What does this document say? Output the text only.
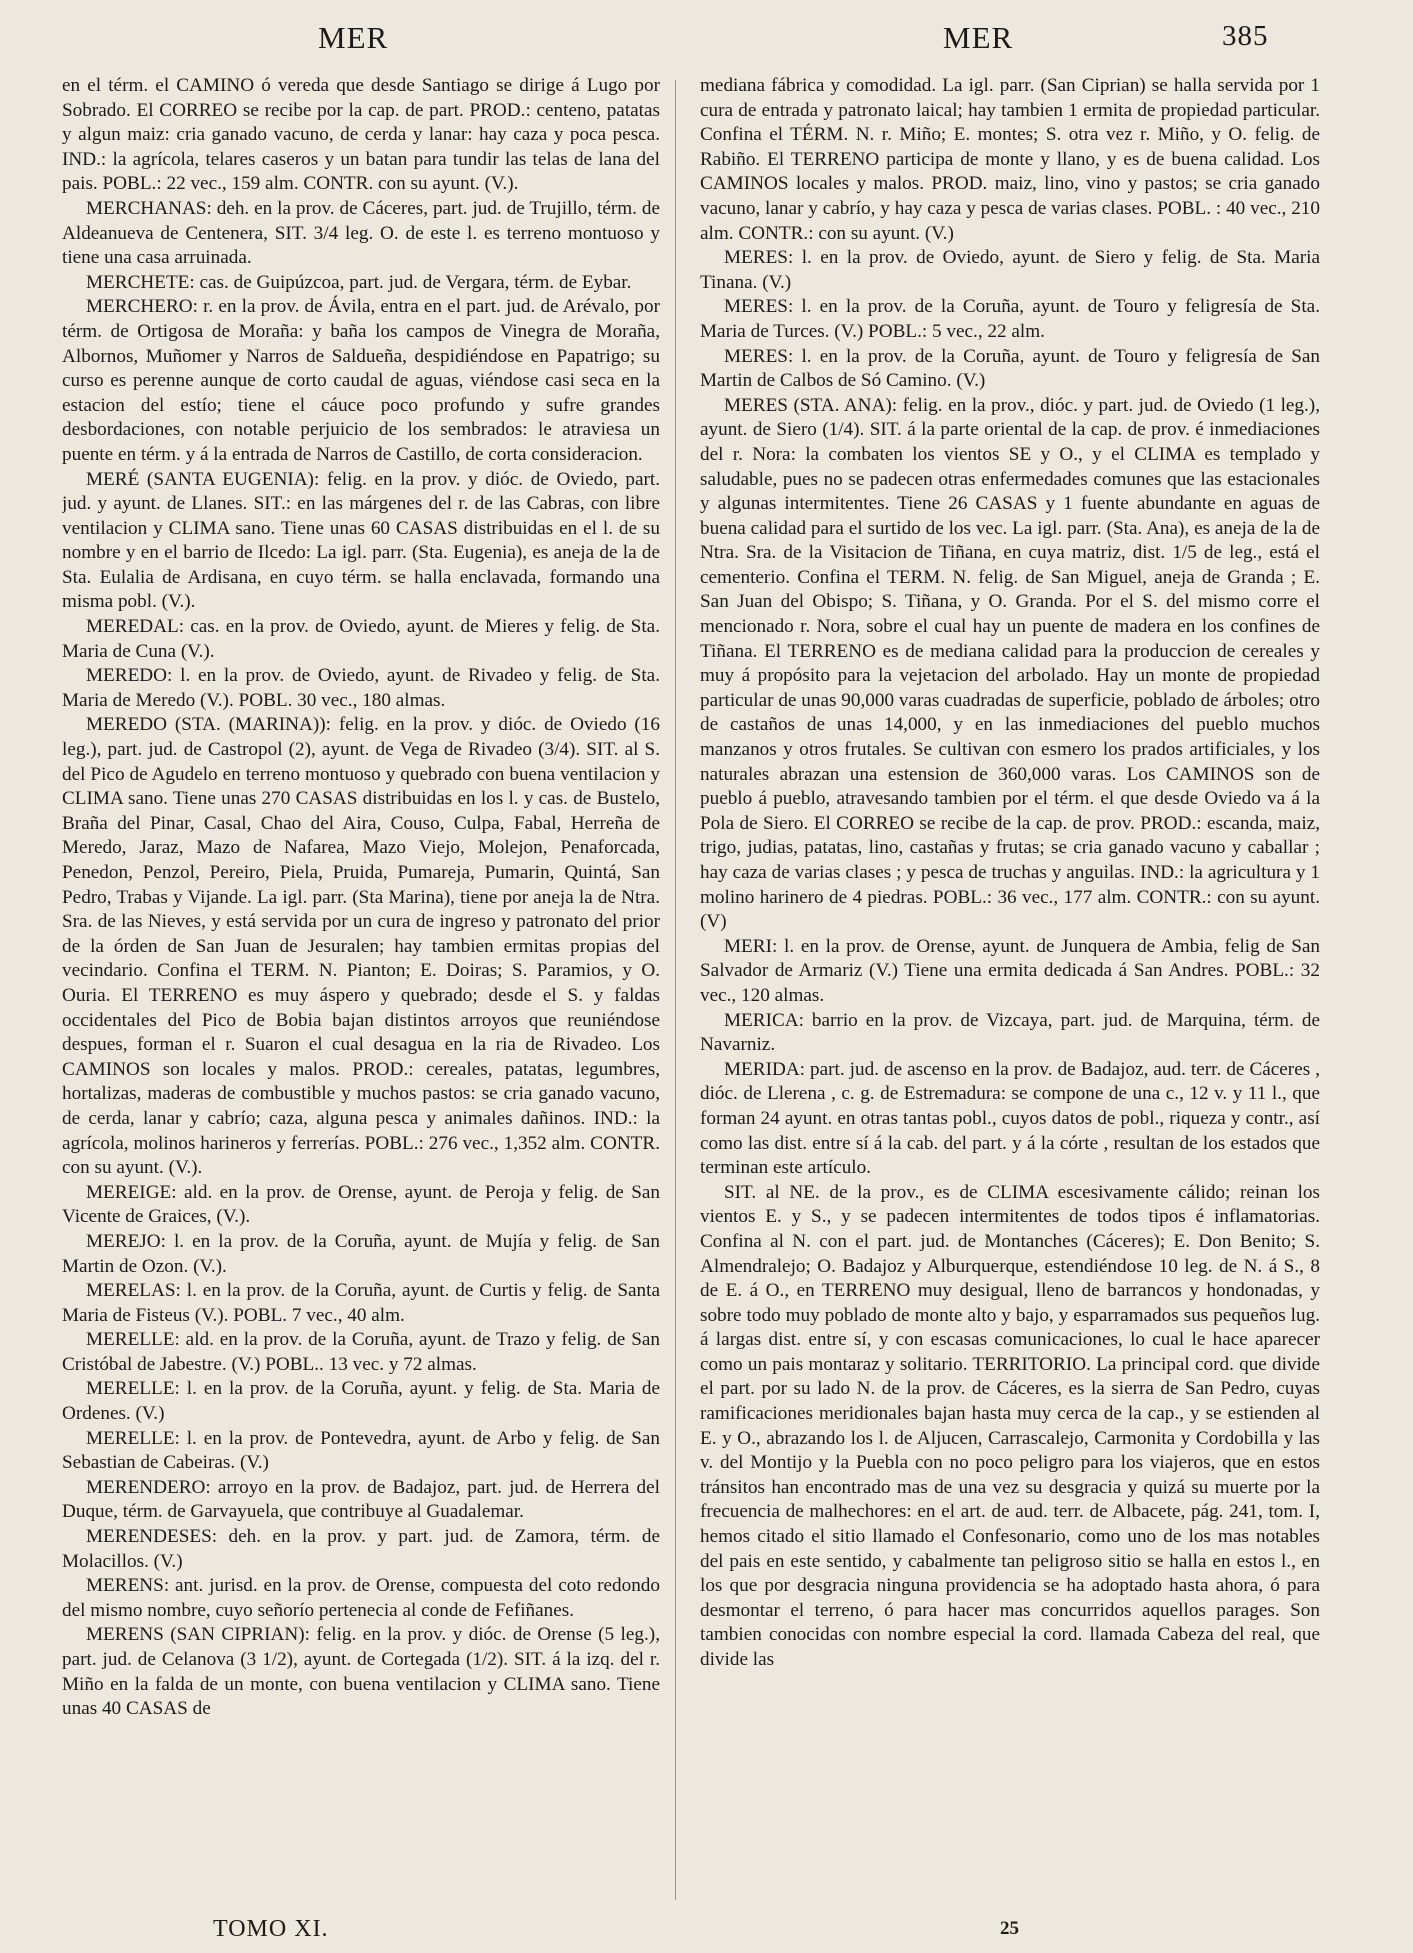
MER	MER	385

en el térm. el CAMINO ó vereda que desde Santiago se dirige á Lugo por Sobrado. El CORREO se recibe por la cap. de part. PROD.: centeno, patatas y algun maiz: cria ganado vacuno, de cerda y lanar: hay caza y poca pesca. IND.: la agrícola, telares caseros y un batan para tundir las telas de lana del pais. POBL.: 22 vec., 159 alm. CONTR. con su ayunt. (V.).

MERCHANAS: deh. en la prov. de Cáceres, part. jud. de Trujillo, térm. de Aldeanueva de Centenera, SIT. 3/4 leg. O. de este l. es terreno montuoso y tiene una casa arruinada.

MERCHETE: cas. de Guipúzcoa, part. jud. de Vergara, térm. de Eybar.

MERCHERO: r. en la prov. de Ávila, entra en el part. jud. de Arévalo, por térm. de Ortigosa de Moraña: y baña los campos de Vinegra de Moraña, Albornos, Muñomer y Narros de Saldueña, despidiéndose en Papatrigo; su curso es perenne aunque de corto caudal de aguas, viéndose casi seca en la estacion del estío; tiene el cáuce poco profundo y sufre grandes desbordaciones, con notable perjuicio de los sembrados: le atraviesa un puente en térm. y á la entrada de Narros de Castillo, de corta consideracion.

MERÉ (SANTA EUGENIA): felig. en la prov. y dióc. de Oviedo, part. jud. y ayunt. de Llanes. SIT.: en las márgenes del r. de las Cabras, con libre ventilacion y CLIMA sano. Tiene unas 60 CASAS distribuidas en el l. de su nombre y en el barrio de Ilcedo: La igl. parr. (Sta. Eugenia), es aneja de la de Sta. Eulalia de Ardisana, en cuyo térm. se halla enclavada, formando una misma pobl. (V.).

MEREDAL: cas. en la prov. de Oviedo, ayunt. de Mieres y felig. de Sta. Maria de Cuna (V.).

MEREDO: l. en la prov. de Oviedo, ayunt. de Rivadeo y felig. de Sta. Maria de Meredo (V.). POBL. 30 vec., 180 almas.

MEREDO (STA. (MARINA)): felig. en la prov. y dióc. de Oviedo (16 leg.), part. jud. de Castropol (2), ayunt. de Vega de Rivadeo (3/4). SIT. al S. del Pico de Agudelo en terreno montuoso y quebrado con buena ventilacion y CLIMA sano. Tiene unas 270 CASAS distribuidas en los l. y cas. de Bustelo, Braña del Pinar, Casal, Chao del Aira, Couso, Culpa, Fabal, Herreña de Meredo, Jaraz, Mazo de Nafarea, Mazo Viejo, Molejon, Penaforcada, Penedon, Penzol, Pereiro, Piela, Pruida, Pumareja, Pumarin, Quintá, San Pedro, Trabas y Vijande. La igl. parr. (Sta Marina), tiene por aneja la de Ntra. Sra. de las Nieves, y está servida por un cura de ingreso y patronato del prior de la órden de San Juan de Jesuralen; hay tambien ermitas propias del vecindario. Confina el TERM. N. Pianton; E. Doiras; S. Paramios, y O. Ouria. El TERRENO es muy áspero y quebrado; desde el S. y faldas occidentales del Pico de Bobia bajan distintos arroyos que reuniéndose despues, forman el r. Suaron el cual desagua en la ria de Rivadeo. Los CAMINOS son locales y malos. PROD.: cereales, patatas, legumbres, hortalizas, maderas de combustible y muchos pastos: se cria ganado vacuno, de cerda, lanar y cabrío; caza, alguna pesca y animales dañinos. IND.: la agrícola, molinos harineros y ferrerías. POBL.: 276 vec., 1,352 alm. CONTR. con su ayunt. (V.).

MEREIGE: ald. en la prov. de Orense, ayunt. de Peroja y felig. de San Vicente de Graices, (V.).

MEREJO: l. en la prov. de la Coruña, ayunt. de Mujía y felig. de San Martin de Ozon. (V.).

MERELAS: l. en la prov. de la Coruña, ayunt. de Curtis y felig. de Santa Maria de Fisteus (V.). POBL. 7 vec., 40 alm.

MERELLE: ald. en la prov. de la Coruña, ayunt. de Trazo y felig. de San Cristóbal de Jabestre. (V.) POBL.. 13 vec. y 72 almas.

MERELLE: l. en la prov. de la Coruña, ayunt. y felig. de Sta. Maria de Ordenes. (V.)

MERELLE: l. en la prov. de Pontevedra, ayunt. de Arbo y felig. de San Sebastian de Cabeiras. (V.)

MERENDERO: arroyo en la prov. de Badajoz, part. jud. de Herrera del Duque, térm. de Garvayuela, que contribuye al Guadalemar.

MERENDESES: deh. en la prov. y part. jud. de Zamora, térm. de Molacillos. (V.)

MERENS: ant. jurisd. en la prov. de Orense, compuesta del coto redondo del mismo nombre, cuyo señorío pertenecia al conde de Fefiñanes.

MERENS (SAN CIPRIAN): felig. en la prov. y dióc. de Orense (5 leg.), part. jud. de Celanova (3 1/2), ayunt. de Cortegada (1/2). SIT. á la izq. del r. Miño en la falda de un monte, con buena ventilacion y CLIMA sano. Tiene unas 40 CASAS de

mediana fábrica y comodidad. La igl. parr. (San Ciprian) se halla servida por 1 cura de entrada y patronato laical; hay tambien 1 ermita de propiedad particular. Confina el TÉRM. N. r. Miño; E. montes; S. otra vez r. Miño, y O. felig. de Rabiño. El TERRENO participa de monte y llano, y es de buena calidad. Los CAMINOS locales y malos. PROD. maiz, lino, vino y pastos; se cria ganado vacuno, lanar y cabrío, y hay caza y pesca de varias clases. POBL. : 40 vec., 210 alm. CONTR.: con su ayunt. (V.)

MERES: l. en la prov. de Oviedo, ayunt. de Siero y felig. de Sta. Maria Tinana. (V.)

MERES: l. en la prov. de la Coruña, ayunt. de Touro y feligresía de Sta. Maria de Turces. (V.) POBL.: 5 vec., 22 alm.

MERES: l. en la prov. de la Coruña, ayunt. de Touro y feligresía de San Martin de Calbos de Só Camino. (V.)

MERES (STA. ANA): felig. en la prov., dióc. y part. jud. de Oviedo (1 leg.), ayunt. de Siero (1/4). SIT. á la parte oriental de la cap. de prov. é inmediaciones del r. Nora: la combaten los vientos SE y O., y el CLIMA es templado y saludable, pues no se padecen otras enfermedades comunes que las estacionales y algunas intermitentes. Tiene 26 CASAS y 1 fuente abundante en aguas de buena calidad para el surtido de los vec. La igl. parr. (Sta. Ana), es aneja de la de Ntra. Sra. de la Visitacion de Tiñana, en cuya matriz, dist. 1/5 de leg., está el cementerio. Confina el TERM. N. felig. de San Miguel, aneja de Granda ; E. San Juan del Obispo; S. Tiñana, y O. Granda. Por el S. del mismo corre el mencionado r. Nora, sobre el cual hay un puente de madera en los confines de Tiñana. El TERRENO es de mediana calidad para la produccion de cereales y muy á propósito para la vejetacion del arbolado. Hay un monte de propiedad particular de unas 90,000 varas cuadradas de superficie, poblado de árboles; otro de castaños de unas 14,000, y en las inmediaciones del pueblo muchos manzanos y otros frutales. Se cultivan con esmero los prados artificiales, y los naturales abrazan una estension de 360,000 varas. Los CAMINOS son de pueblo á pueblo, atravesando tambien por el térm. el que desde Oviedo va á la Pola de Siero. El CORREO se recibe de la cap. de prov. PROD.: escanda, maiz, trigo, judias, patatas, lino, castañas y frutas; se cria ganado vacuno y caballar ; hay caza de varias clases ; y pesca de truchas y anguilas. IND.: la agricultura y 1 molino harinero de 4 piedras. POBL.: 36 vec., 177 alm. CONTR.: con su ayunt. (V)

MERI: l. en la prov. de Orense, ayunt. de Junquera de Ambia, felig de San Salvador de Armariz (V.) Tiene una ermita dedicada á San Andres. POBL.: 32 vec., 120 almas.

MERICA: barrio en la prov. de Vizcaya, part. jud. de Marquina, térm. de Navarniz.

MERIDA: part. jud. de ascenso en la prov. de Badajoz, aud. terr. de Cáceres , dióc. de Llerena , c. g. de Estremadura: se compone de una c., 12 v. y 11 l., que forman 24 ayunt. en otras tantas pobl., cuyos datos de pobl., riqueza y contr., así como las dist. entre sí á la cab. del part. y á la córte , resultan de los estados que terminan este artículo.

SIT. al NE. de la prov., es de CLIMA escesivamente cálido; reinan los vientos E. y S., y se padecen intermitentes de todos tipos é inflamatorias. Confina al N. con el part. jud. de Montanches (Cáceres); E. Don Benito; S. Almendralejo; O. Badajoz y Alburquerque, estendiéndose 10 leg. de N. á S., 8 de E. á O., en TERRENO muy desigual, lleno de barrancos y hondonadas, y sobre todo muy poblado de monte alto y bajo, y esparramados sus pequeños lug. á largas dist. entre sí, y con escasas comunicaciones, lo cual le hace aparecer como un pais montaraz y solitario. TERRITORIO. La principal cord. que divide el part. por su lado N. de la prov. de Cáceres, es la sierra de San Pedro, cuyas ramificaciones meridionales bajan hasta muy cerca de la cap., y se estienden al E. y O., abrazando los l. de Aljucen, Carrascalejo, Carmonita y Cordobilla y las v. del Montijo y la Puebla con no poco peligro para los viajeros, que en estos tránsitos han encontrado mas de una vez su desgracia y quizá su muerte por la frecuencia de malhechores: en el art. de aud. terr. de Albacete, pág. 241, tom. I, hemos citado el sitio llamado el Confesonario, como uno de los mas notables del pais en este sentido, y cabalmente tan peligroso sitio se halla en estos l., en los que por desgracia ninguna providencia se ha adoptado hasta ahora, ó para desmontar el terreno, ó para hacer mas concurridos aquellos parages. Son tambien conocidas con nombre especial la cord. llamada Cabeza del real, que divide las

TOMO XI.	25
